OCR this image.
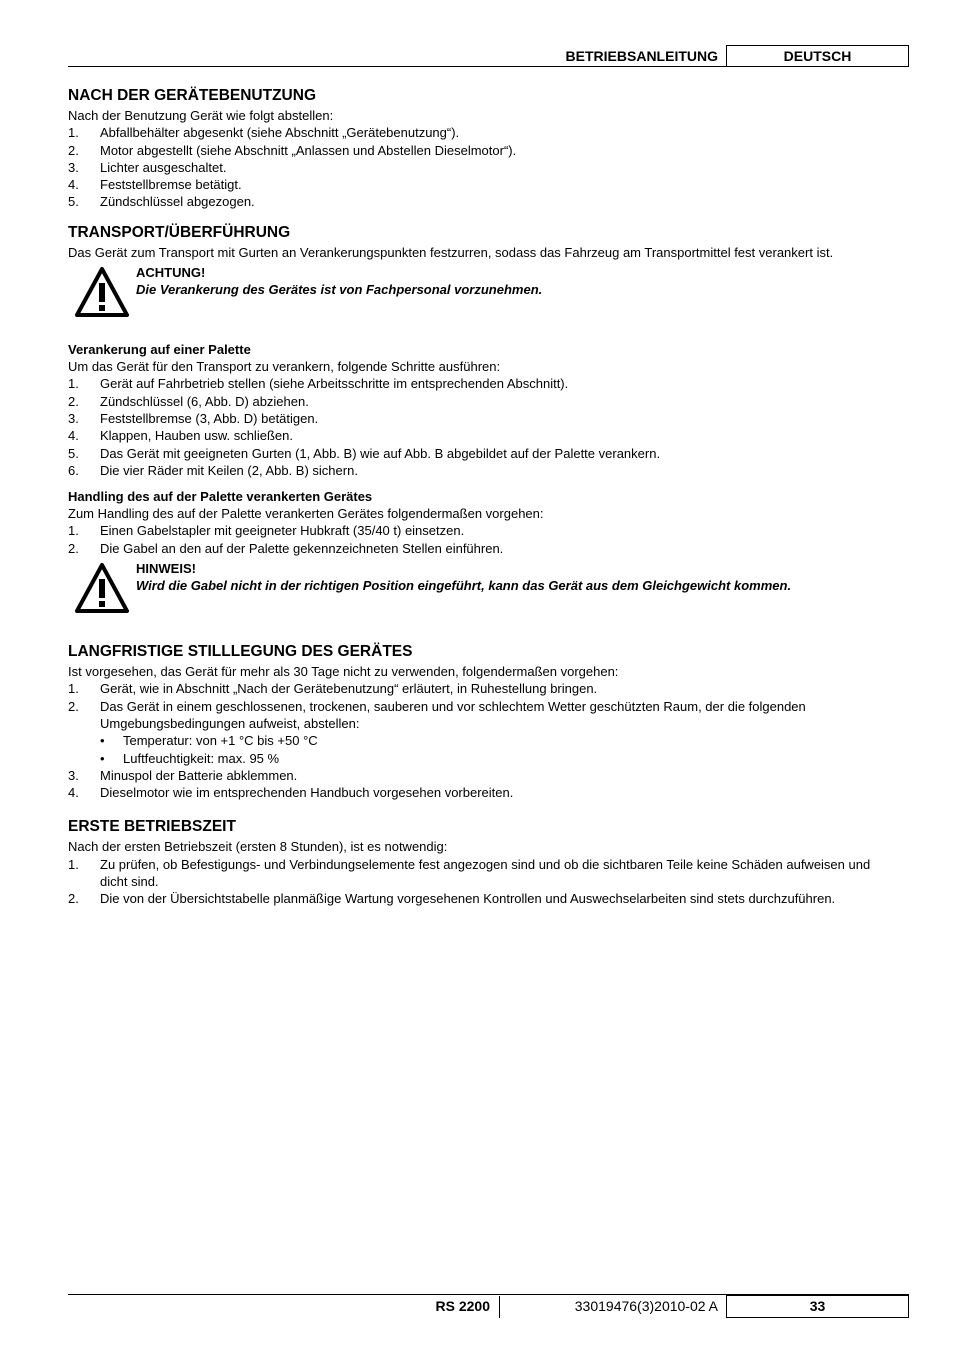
BETRIEBSANLEITUNG	DEUTSCH
NACH DER GERÄTEBENUTZUNG

Nach der Benutzung Gerät wie folgt abstellen:

1. Abfallbehälter abgesenkt (siehe Abschnitt „Gerätebenutzung“).
2. Motor abgestellt (siehe Abschnitt „Anlassen und Abstellen Dieselmotor“).
3. Lichter ausgeschaltet.
4. Feststellbremse betätigt.
5. Zündschlüssel abgezogen.
TRANSPORT/ÜBERFÜHRUNG

Das Gerät zum Transport mit Gurten an Verankerungspunkten festzurren, sodass das Fahrzeug am Transportmittel fest verankert ist.

ACHTUNG!
Die Verankerung des Gerätes ist von Fachpersonal vorzunehmen.
Verankerung auf einer Palette

Um das Gerät für den Transport zu verankern, folgende Schritte ausführen:

1. Gerät auf Fahrbetrieb stellen (siehe Arbeitsschritte im entsprechenden Abschnitt).
2. Zündschlüssel (6, Abb. D) abziehen.
3. Feststellbremse (3, Abb. D) betätigen.
4. Klappen, Hauben usw. schließen.
5. Das Gerät mit geeigneten Gurten (1, Abb. B) wie auf Abb. B abgebildet auf der Palette verankern.
6. Die vier Räder mit Keilen (2, Abb. B) sichern.
Handling des auf der Palette verankerten Gerätes

Zum Handling des auf der Palette verankerten Gerätes folgendermaßen vorgehen:

1. Einen Gabelstapler mit geeigneter Hubkraft (35/40 t) einsetzen.
2. Die Gabel an den auf der Palette gekennzeichneten Stellen einführen.
HINWEIS!
Wird die Gabel nicht in der richtigen Position eingeführt, kann das Gerät aus dem Gleichgewicht kommen.
LANGFRISTIGE STILLLEGUNG DES GERÄTES

Ist vorgesehen, das Gerät für mehr als 30 Tage nicht zu verwenden, folgendermaßen vorgehen:

1. Gerät, wie in Abschnitt „Nach der Gerätebenutzung“ erläutert, in Ruhestellung bringen.
2. Das Gerät in einem geschlossenen, trockenen, sauberen und vor schlechtem Wetter geschützten Raum, der die folgenden Umgebungsbedingungen aufweist, abstellen:
• Temperatur: von +1 °C bis +50 °C
• Luftfeuchtigkeit: max. 95 %
3. Minuspol der Batterie abklemmen.
4. Dieselmotor wie im entsprechenden Handbuch vorgesehen vorbereiten.
ERSTE BETRIEBSZEIT

Nach der ersten Betriebszeit (ersten 8 Stunden), ist es notwendig:

1. Zu prüfen, ob Befestigungs- und Verbindungselemente fest angezogen sind und ob die sichtbaren Teile keine Schäden aufweisen und dicht sind.
2. Die von der Übersichtstabelle planmäßige Wartung vorgesehenen Kontrollen und Auswechselarbeiten sind stets durchzuführen.
RS 2200	33019476(3)2010-02 A	33
